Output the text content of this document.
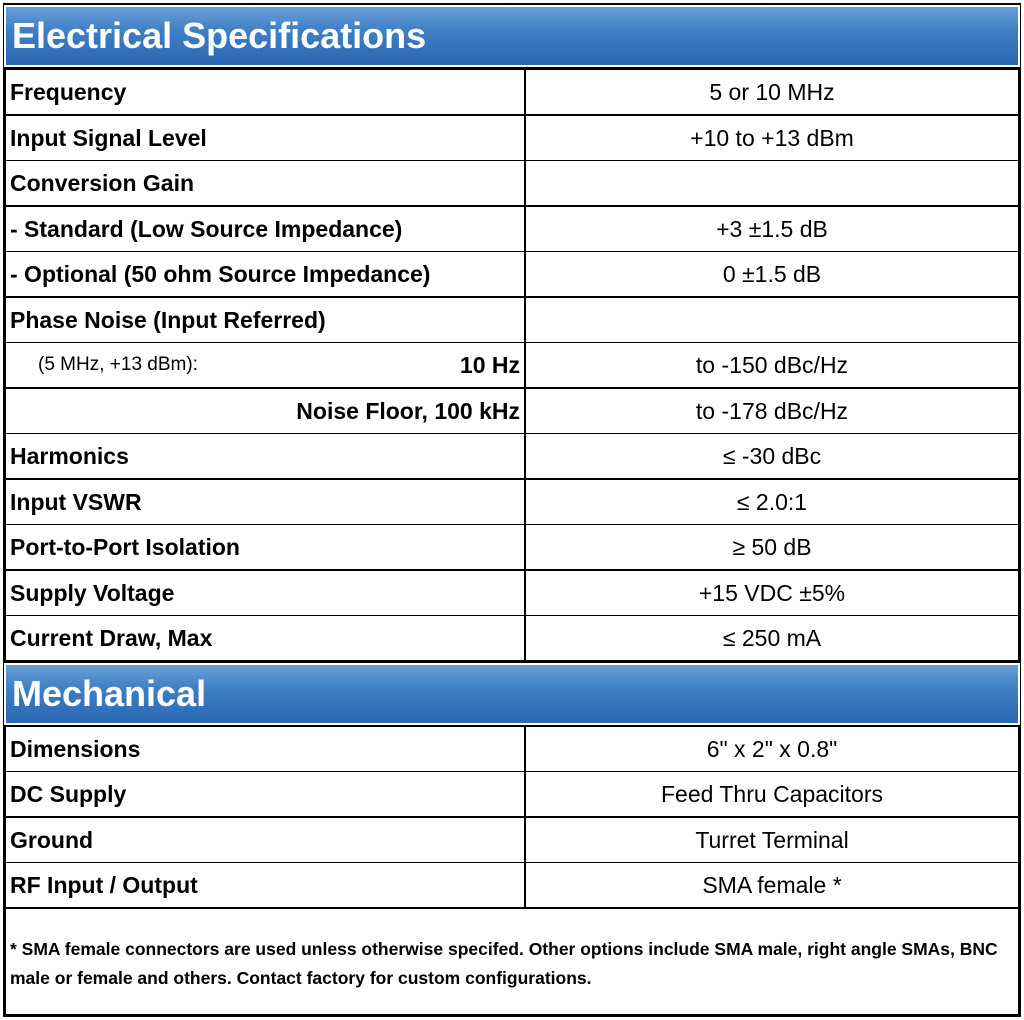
Electrical Specifications
Frequency	5 or 10 MHz
Input Signal Level	+10 to +13 dBm
Conversion Gain
- Standard (Low Source Impedance)	+3 ±1.5 dB
- Optional (50 ohm Source Impedance)	0 ±1.5 dB
Phase Noise (Input Referred)
(5 MHz, +13 dBm):	10 Hz	to -150 dBc/Hz
Noise Floor, 100 kHz	to -178 dBc/Hz
Harmonics	≤ -30 dBc
Input VSWR	≤ 2.0:1
Port-to-Port Isolation	≥ 50 dB
Supply Voltage	+15 VDC ±5%
Current Draw, Max	≤ 250 mA
Mechanical
Dimensions	6" x 2" x 0.8"
DC Supply	Feed Thru Capacitors
Ground	Turret Terminal
RF Input / Output	SMA female *
* SMA female connectors are used unless otherwise specifed. Other options include SMA male, right angle SMAs, BNC male or female and others. Contact factory for custom configurations.
